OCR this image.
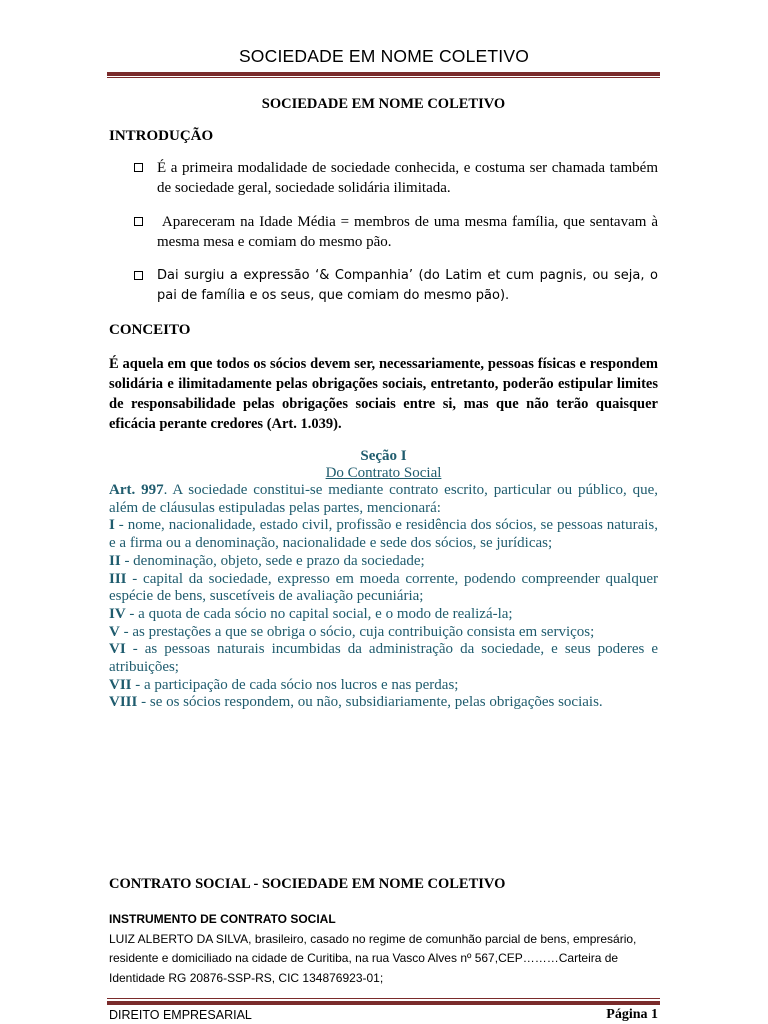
SOCIEDADE EM NOME COLETIVO

SOCIEDADE EM NOME COLETIVO

INTRODUÇÃO

É a primeira modalidade de sociedade conhecida, e costuma ser chamada também de sociedade geral, sociedade solidária ilimitada.
Apareceram na Idade Média = membros de uma mesma família, que sentavam à mesma mesa e comiam do mesmo pão.
Dai surgiu a expressão ‘& Companhia’ (do Latim et cum pagnis, ou seja, o pai de família e os seus, que comiam do mesmo pão).

CONCEITO

É aquela em que todos os sócios devem ser, necessariamente, pessoas físicas e respondem solidária e ilimitadamente pelas obrigações sociais, entretanto, poderão estipular limites de responsabilidade pelas obrigações sociais entre si, mas que não terão quaisquer eficácia perante credores (Art. 1.039).

Seção I

Do Contrato Social

Art. 997. A sociedade constitui-se mediante contrato escrito, particular ou público, que, além de cláusulas estipuladas pelas partes, mencionará:

I - nome, nacionalidade, estado civil, profissão e residência dos sócios, se pessoas naturais, e a firma ou a denominação, nacionalidade e sede dos sócios, se jurídicas;

II - denominação, objeto, sede e prazo da sociedade;

III - capital da sociedade, expresso em moeda corrente, podendo compreender qualquer espécie de bens, suscetíveis de avaliação pecuniária;

IV - a quota de cada sócio no capital social, e o modo de realizá-la;

V - as prestações a que se obriga o sócio, cuja contribuição consista em serviços;

VI - as pessoas naturais incumbidas da administração da sociedade, e seus poderes e atribuições;

VII - a participação de cada sócio nos lucros e nas perdas;

VIII - se os sócios respondem, ou não, subsidiariamente, pelas obrigações sociais.

CONTRATO SOCIAL - SOCIEDADE EM NOME COLETIVO
INSTRUMENTO DE CONTRATO SOCIAL
LUIZ ALBERTO DA SILVA, brasileiro, casado no regime de comunhão parcial de bens, empresário, residente e domiciliado na cidade de Curitiba, na rua Vasco Alves nº 567,CEP………Carteira de Identidade RG 20876-SSP-RS, CIC 134876923-01;
DIREITO EMPRESARIAL	Página 1
